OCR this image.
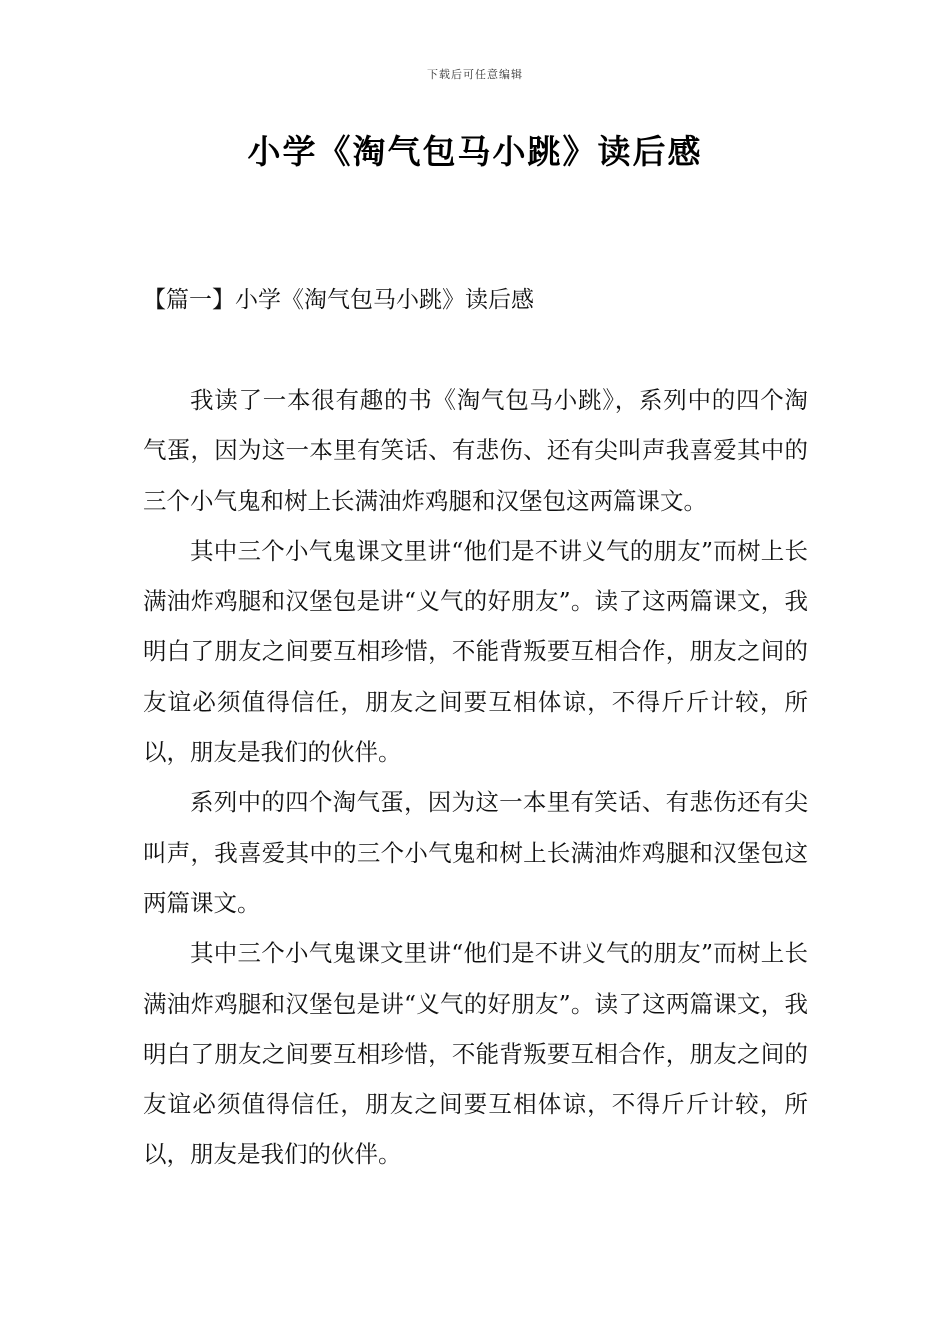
下载后可任意编辑
小学《淘气包马小跳》读后感
【篇一】小学《淘气包马小跳》读后感

我读了一本很有趣的书《淘气包马小跳》，系列中的四个淘气蛋，因为这一本里有笑话、有悲伤、还有尖叫声我喜爱其中的三个小气鬼和树上长满油炸鸡腿和汉堡包这两篇课文。

其中三个小气鬼课文里讲“他们是不讲义气的朋友”而树上长满油炸鸡腿和汉堡包是讲“义气的好朋友”。读了这两篇课文，我明白了朋友之间要互相珍惜，不能背叛要互相合作，朋友之间的友谊必须值得信任，朋友之间要互相体谅，不得斤斤计较，所以，朋友是我们的伙伴。

系列中的四个淘气蛋，因为这一本里有笑话、有悲伤还有尖叫声，我喜爱其中的三个小气鬼和树上长满油炸鸡腿和汉堡包这两篇课文。

其中三个小气鬼课文里讲“他们是不讲义气的朋友”而树上长满油炸鸡腿和汉堡包是讲“义气的好朋友”。读了这两篇课文，我明白了朋友之间要互相珍惜，不能背叛要互相合作，朋友之间的友谊必须值得信任，朋友之间要互相体谅，不得斤斤计较，所以，朋友是我们的伙伴。
